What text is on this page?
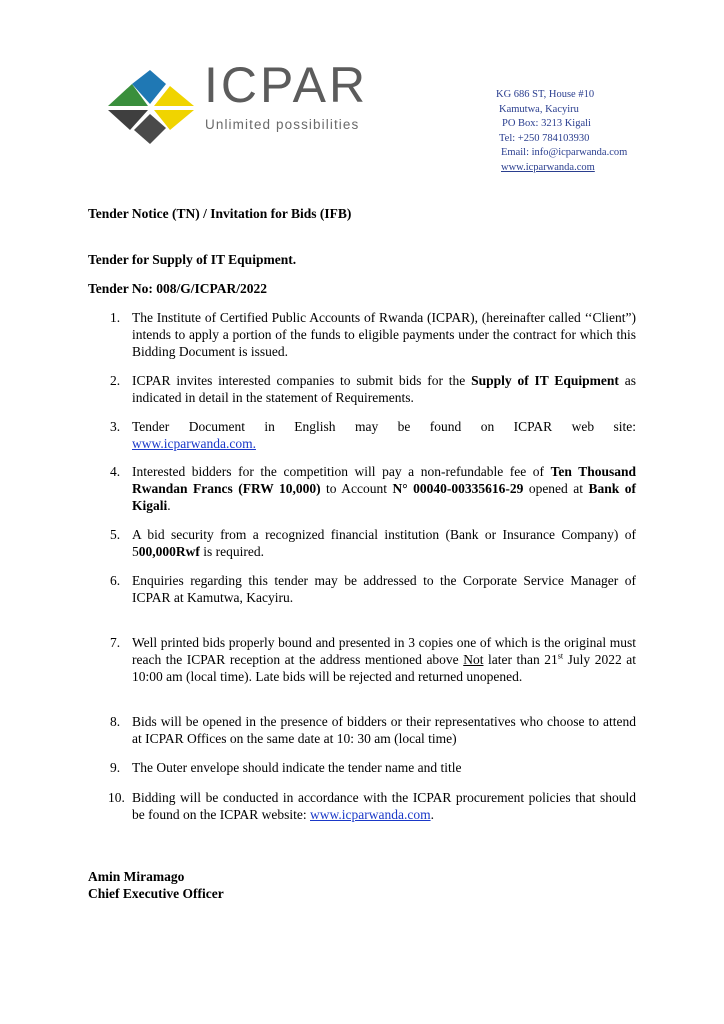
ICPAR
Unlimited possibilities
KG 686 ST, House #10
Kamutwa, Kacyiru
PO Box: 3213 Kigali
Tel: +250 784103930
Email: info@icparwanda.com
www.icparwanda.com
Tender Notice (TN) / Invitation for Bids (IFB)
Tender for Supply of IT Equipment.
Tender No: 008/G/ICPAR/2022
1. The Institute of Certified Public Accounts of Rwanda (ICPAR), (hereinafter called ‘‘Client”) intends to apply a portion of the funds to eligible payments under the contract for which this Bidding Document is issued.
2. ICPAR invites interested companies to submit bids for the Supply of IT Equipment as indicated in detail in the statement of Requirements.
3. Tender Document in English may be found on ICPAR web site:
www.icparwanda.com.
4. Interested bidders for the competition will pay a non-refundable fee of Ten Thousand Rwandan Francs (FRW 10,000) to Account N° 00040-00335616-29 opened at Bank of Kigali.
5. A bid security from a recognized financial institution (Bank or Insurance Company) of 500,000Rwf is required.
6. Enquiries regarding this tender may be addressed to the Corporate Service Manager of ICPAR at Kamutwa, Kacyiru.
7. Well printed bids properly bound and presented in 3 copies one of which is the original must reach the ICPAR reception at the address mentioned above Not later than 21st July 2022 at 10:00 am (local time). Late bids will be rejected and returned unopened.
8. Bids will be opened in the presence of bidders or their representatives who choose to attend at ICPAR Offices on the same date at 10: 30 am (local time)
9. The Outer envelope should indicate the tender name and title
10. Bidding will be conducted in accordance with the ICPAR procurement policies that should be found on the ICPAR website: www.icparwanda.com.
Amin Miramago
Chief Executive Officer
